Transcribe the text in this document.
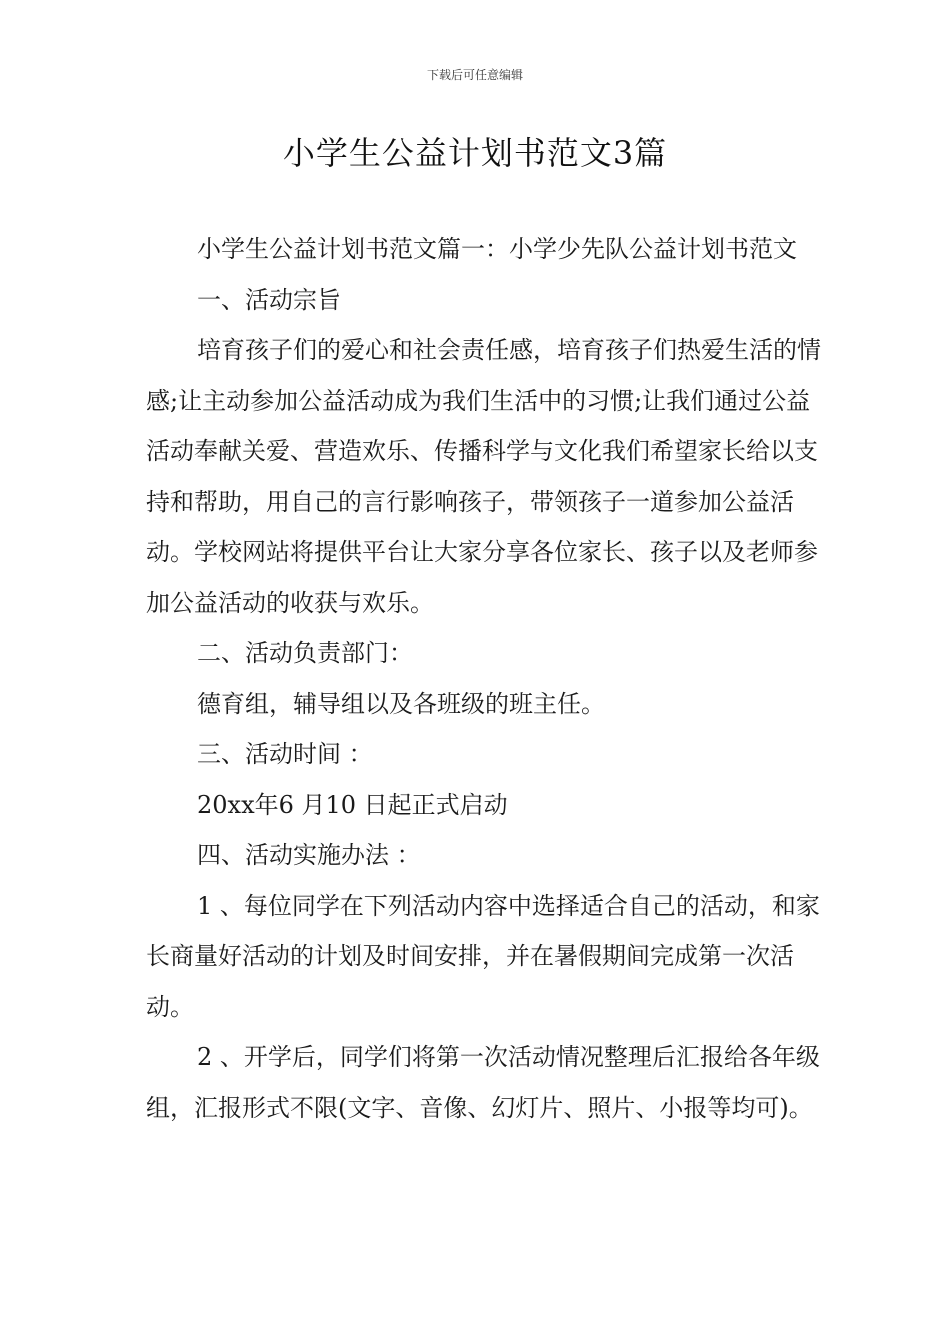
下载后可任意编辑
小学生公益计划书范文3篇

小学生公益计划书范文篇一：小学少先队公益计划书范文

一、活动宗旨

培育孩子们的爱心和社会责任感，培育孩子们热爱生活的情感;让主动参加公益活动成为我们生活中的习惯;让我们通过公益活动奉献关爱、营造欢乐、传播科学与文化我们希望家长给以支持和帮助，用自己的言行影响孩子，带领孩子一道参加公益活动。学校网站将提供平台让大家分享各位家长、孩子以及老师参加公益活动的收获与欢乐。

二、活动负责部门：

德育组，辅导组以及各班级的班主任。

三、活动时间 ：

20xx年6 月10 日起正式启动

四、活动实施办法 ：

1 、每位同学在下列活动内容中选择适合自己的活动，和家长商量好活动的计划及时间安排，并在暑假期间完成第一次活动。

2 、开学后，同学们将第一次活动情况整理后汇报给各年级组，汇报形式不限(文字、音像、幻灯片、照片、小报等均可)。
